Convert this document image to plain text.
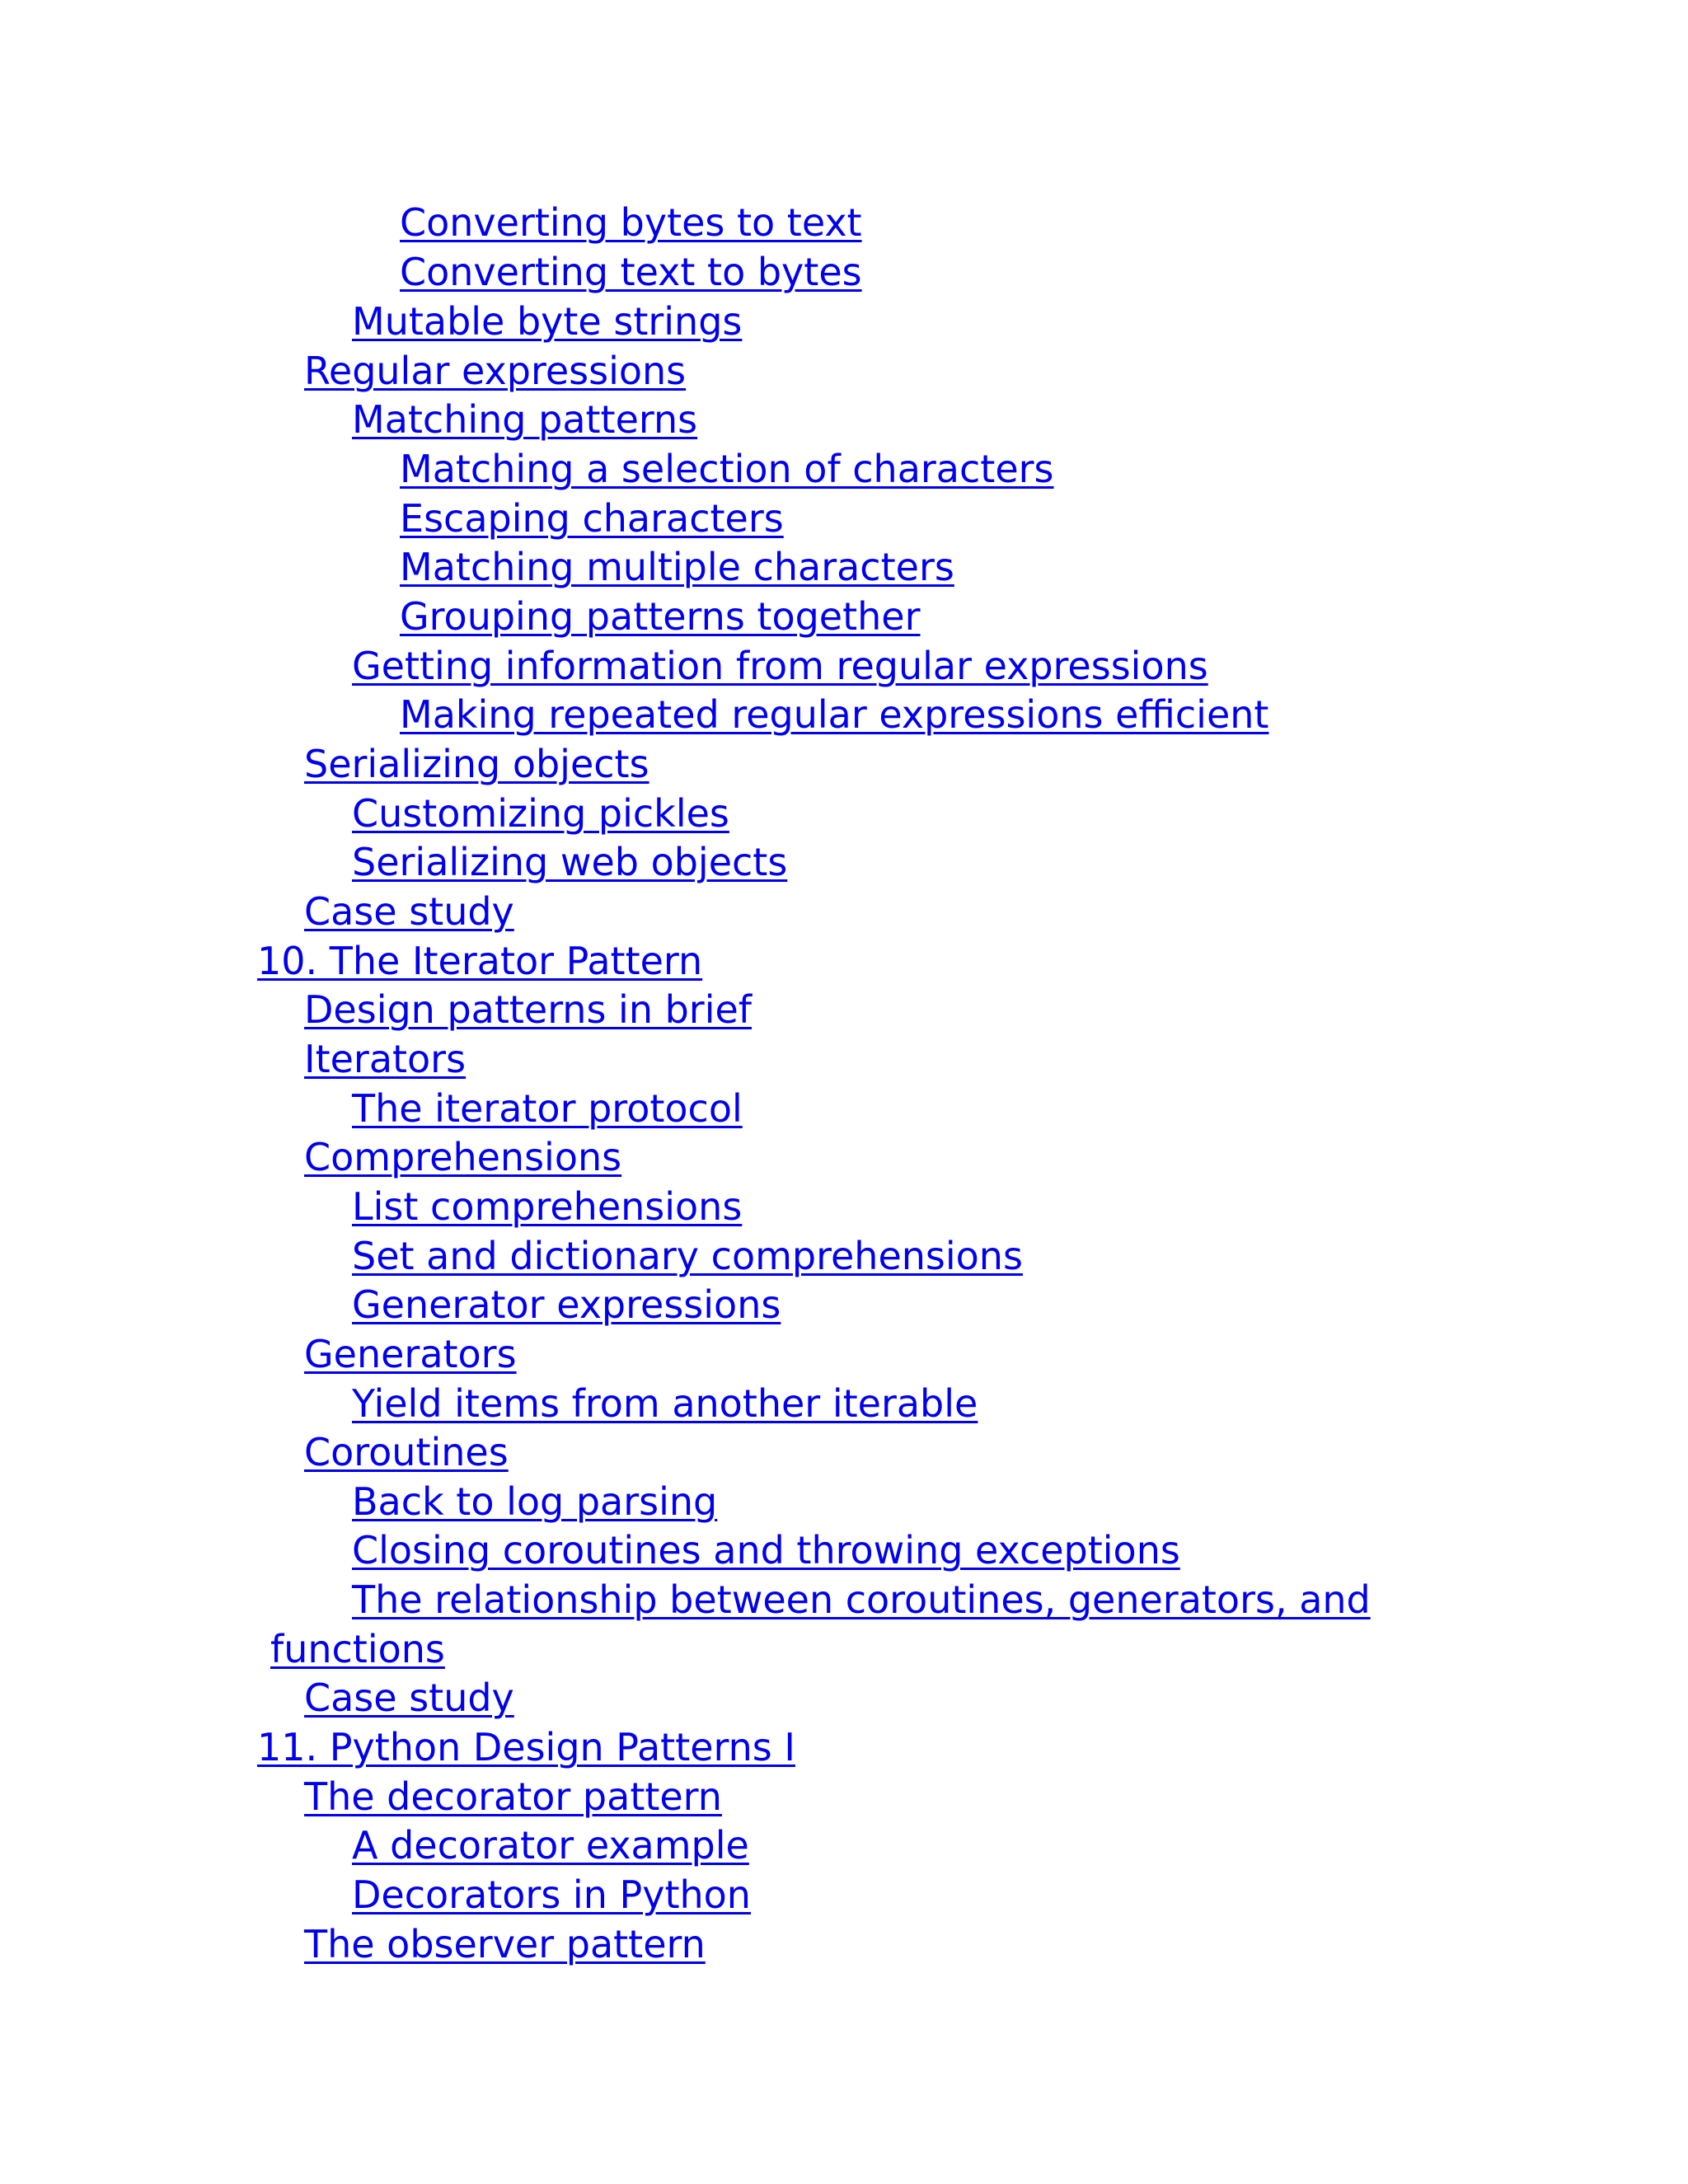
Converting bytes to text
Converting text to bytes
Mutable byte strings
Regular expressions
Matching patterns
Matching a selection of characters
Escaping characters
Matching multiple characters
Grouping patterns together
Getting information from regular expressions
Making repeated regular expressions efficient
Serializing objects
Customizing pickles
Serializing web objects
Case study
10. The Iterator Pattern
Design patterns in brief
Iterators
The iterator protocol
Comprehensions
List comprehensions
Set and dictionary comprehensions
Generator expressions
Generators
Yield items from another iterable
Coroutines
Back to log parsing
Closing coroutines and throwing exceptions
The relationship between coroutines, generators, and
functions
Case study
11. Python Design Patterns I
The decorator pattern
A decorator example
Decorators in Python
The observer pattern
